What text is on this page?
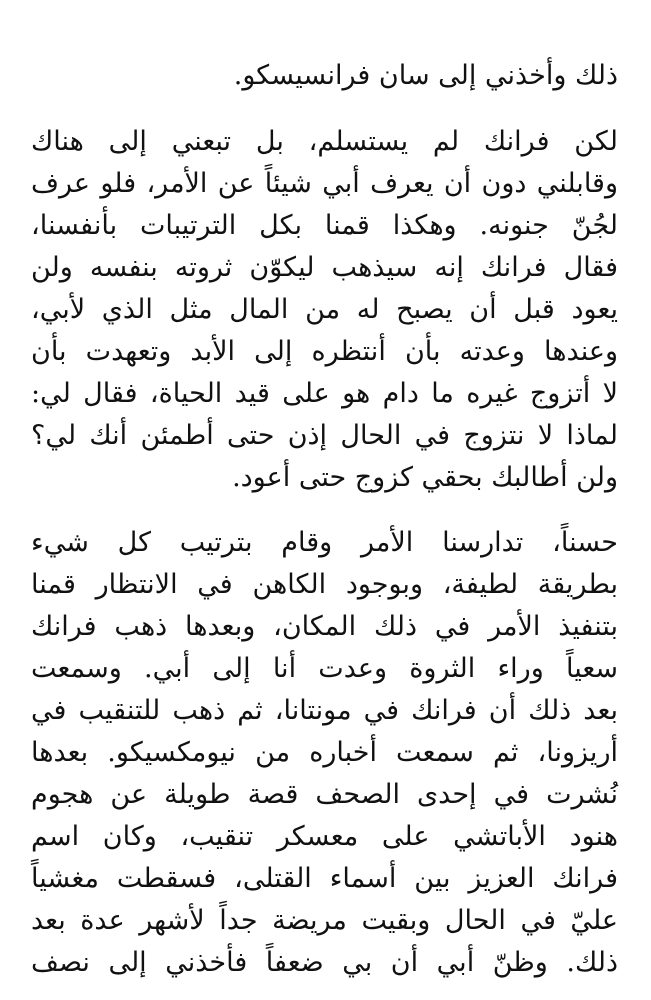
ذلك وأخذني إلى سان فرانسيسكو.
لكن فرانك لم يستسلم، بل تبعني إلى هناك
وقابلني دون أن يعرف أبي شيئاً عن الأمر، فلو عرف
لجُنّ جنونه. وهكذا قمنا بكل الترتيبات بأنفسنا،
فقال فرانك إنه سيذهب ليكوّن ثروته بنفسه ولن
يعود قبل أن يصبح له من المال مثل الذي لأبي،
وعندها وعدته بأن أنتظره إلى الأبد وتعهدت بأن
لا أتزوج غيره ما دام هو على قيد الحياة، فقال لي:
لماذا لا نتزوج في الحال إذن حتى أطمئن أنك لي؟
ولن أطالبك بحقي كزوج حتى أعود.
حسناً، تدارسنا الأمر وقام بترتيب كل شيء
بطريقة لطيفة، وبوجود الكاهن في الانتظار قمنا
بتنفيذ الأمر في ذلك المكان، وبعدها ذهب فرانك
سعياً وراء الثروة وعدت أنا إلى أبي. وسمعت
بعد ذلك أن فرانك في مونتانا، ثم ذهب للتنقيب في
أريزونا، ثم سمعت أخباره من نيومكسيكو. بعدها
نُشرت في إحدى الصحف قصة طويلة عن هجوم
هنود الأباتشي على معسكر تنقيب، وكان اسم
فرانك العزيز بين أسماء القتلى، فسقطت مغشياً
عليّ في الحال وبقيت مريضة جداً لأشهر عدة بعد
ذلك. وظنّ أبي أن بي ضعفاً فأخذني إلى نصف
